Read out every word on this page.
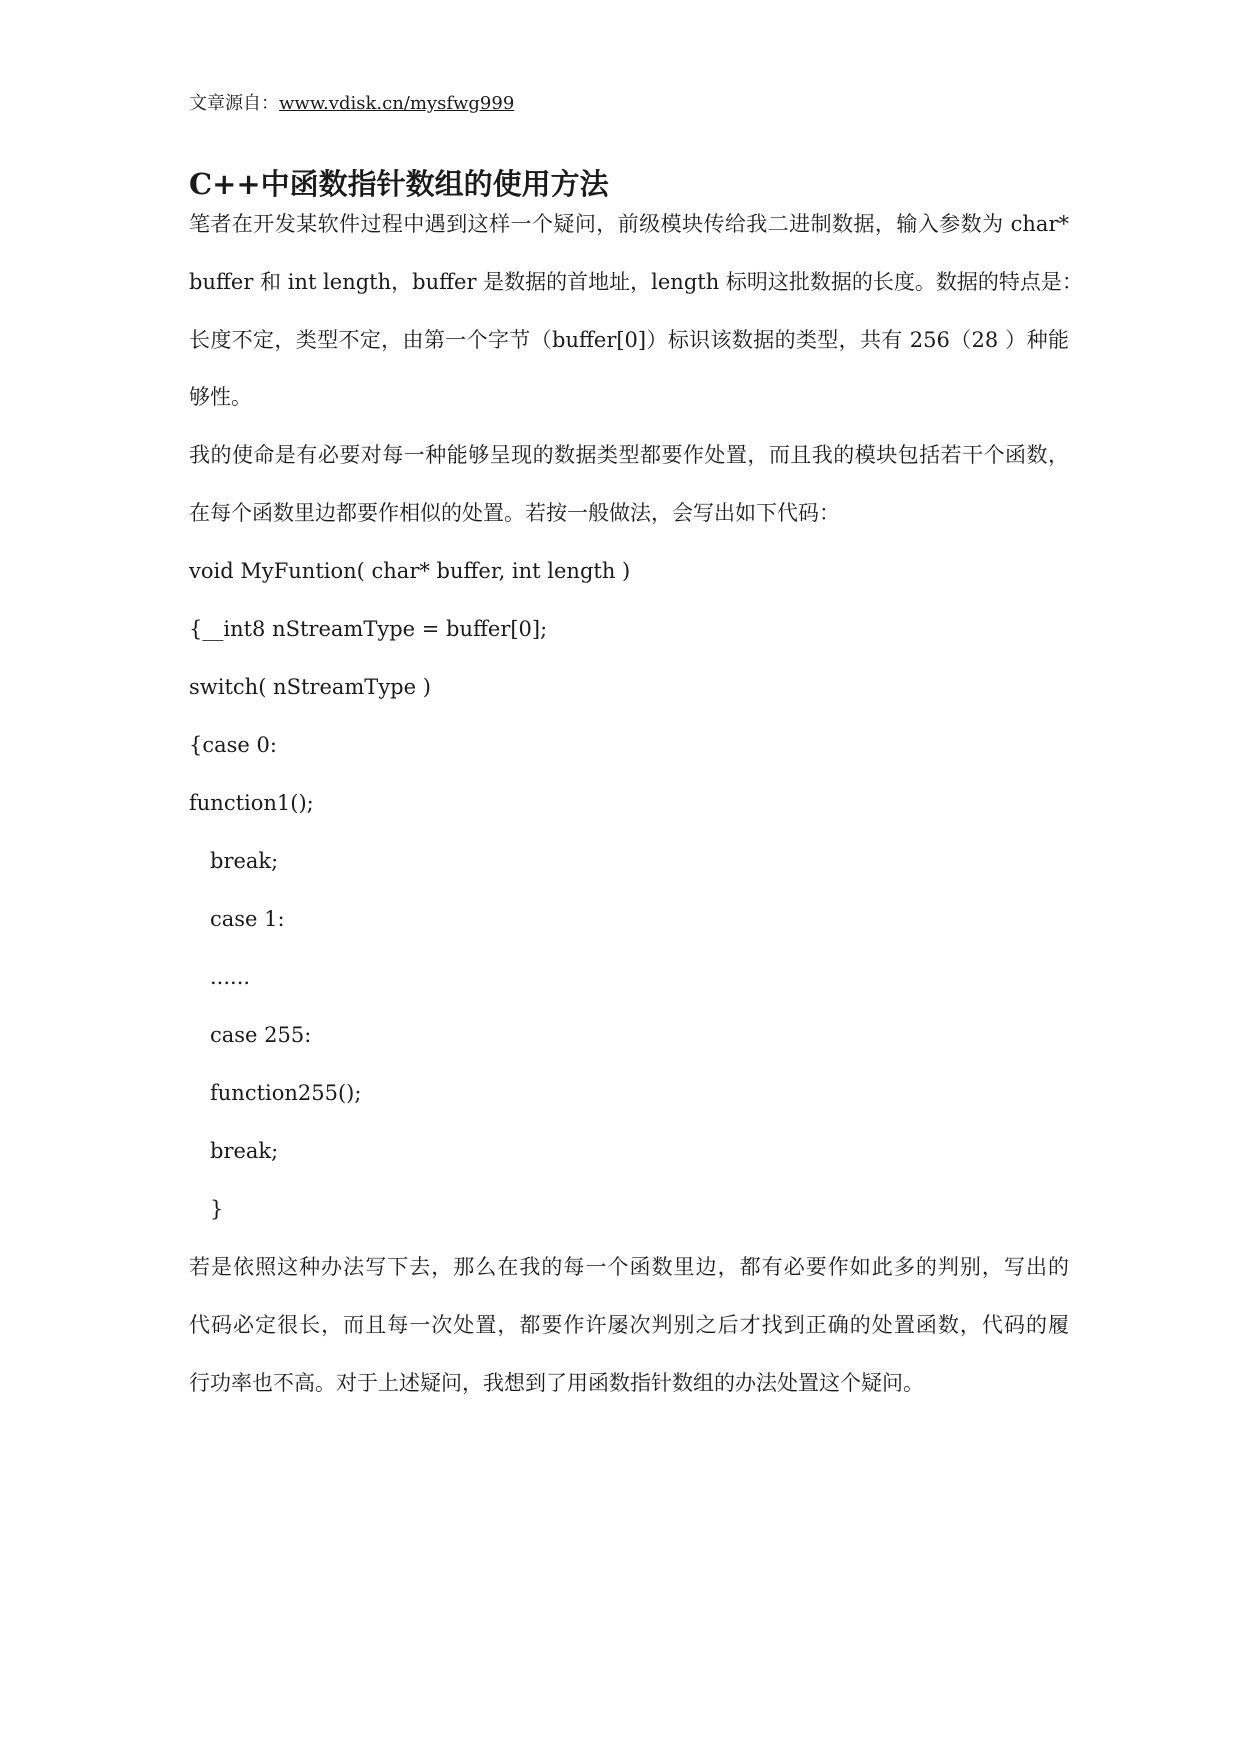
文章源自：www.vdisk.cn/mysfwg999
C++中函数指针数组的使用方法
笔者在开发某软件过程中遇到这样一个疑问，前级模块传给我二进制数据，输入参数为 char*
buffer 和 int length，buffer 是数据的首地址，length 标明这批数据的长度。数据的特点是：
长度不定，类型不定，由第一个字节（buffer[0]）标识该数据的类型，共有 256（28 ）种能
够性。
我的使命是有必要对每一种能够呈现的数据类型都要作处置，而且我的模块包括若干个函数，
在每个函数里边都要作相似的处置。若按一般做法，会写出如下代码：
void MyFuntion( char* buffer, int length )
{__int8 nStreamType = buffer[0];
switch( nStreamType )
{case 0:
function1();
break;
case 1:
......
case 255:
function255();
break;
}
若是依照这种办法写下去，那么在我的每一个函数里边，都有必要作如此多的判别，写出的
代码必定很长，而且每一次处置，都要作许屡次判别之后才找到正确的处置函数，代码的履
行功率也不高。对于上述疑问，我想到了用函数指针数组的办法处置这个疑问。
